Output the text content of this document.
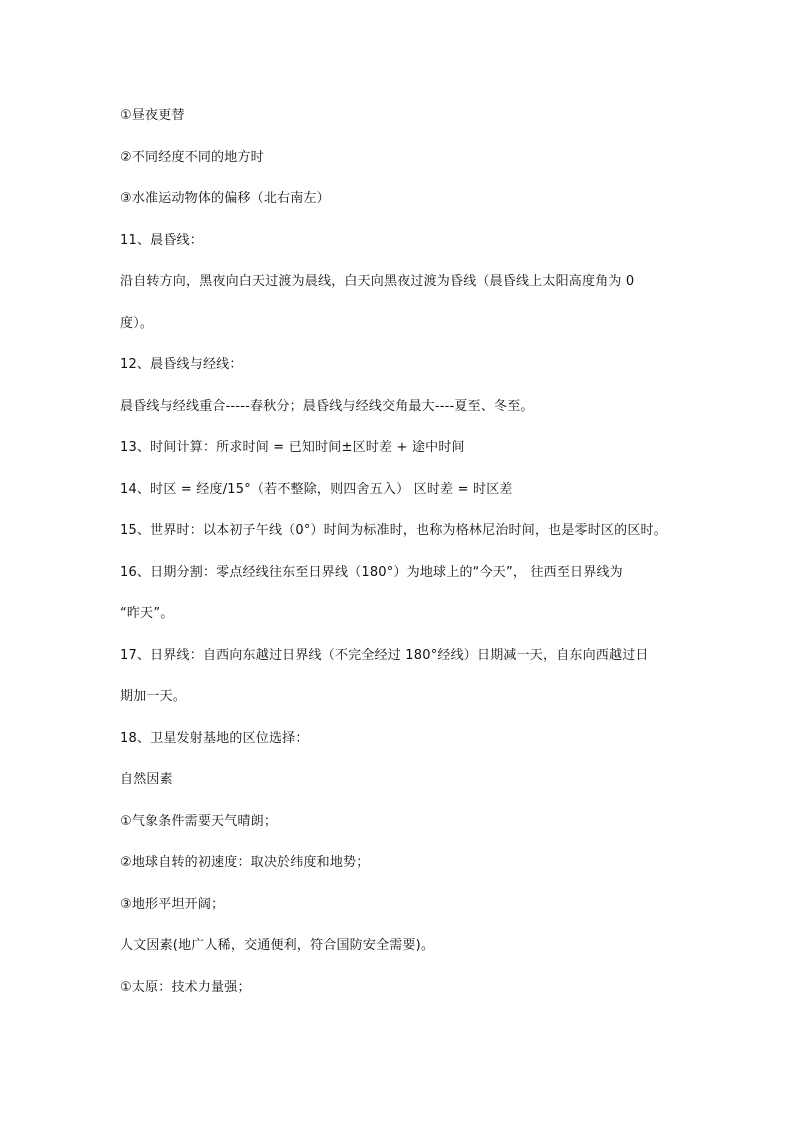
①昼夜更替
②不同经度不同的地方时
③水准运动物体的偏移（北右南左）
11、晨昏线：
沿自转方向，黑夜向白天过渡为晨线，白天向黑夜过渡为昏线（晨昏线上太阳高度角为 0
度）。
12、晨昏线与经线：
晨昏线与经线重合-----春秋分；晨昏线与经线交角最大----夏至、冬至。
13、时间计算：所求时间 = 已知时间±区时差 + 途中时间
14、时区 = 经度/15°（若不整除，则四舍五入） 区时差 = 时区差
15、世界时：以本初子午线（0°）时间为标准时，也称为格林尼治时间，也是零时区的区时。
16、日期分割：零点经线往东至日界线（180°）为地球上的“今天”， 往西至日界线为
“昨天”。
17、日界线：自西向东越过日界线（不完全经过 180°经线）日期减一天，自东向西越过日
期加一天。
18、卫星发射基地的区位选择：
自然因素
①气象条件需要天气晴朗；
②地球自转的初速度：取决於纬度和地势；
③地形平坦开阔；
人文因素(地广人稀，交通便利，符合国防安全需要)。
①太原：技术力量强；
